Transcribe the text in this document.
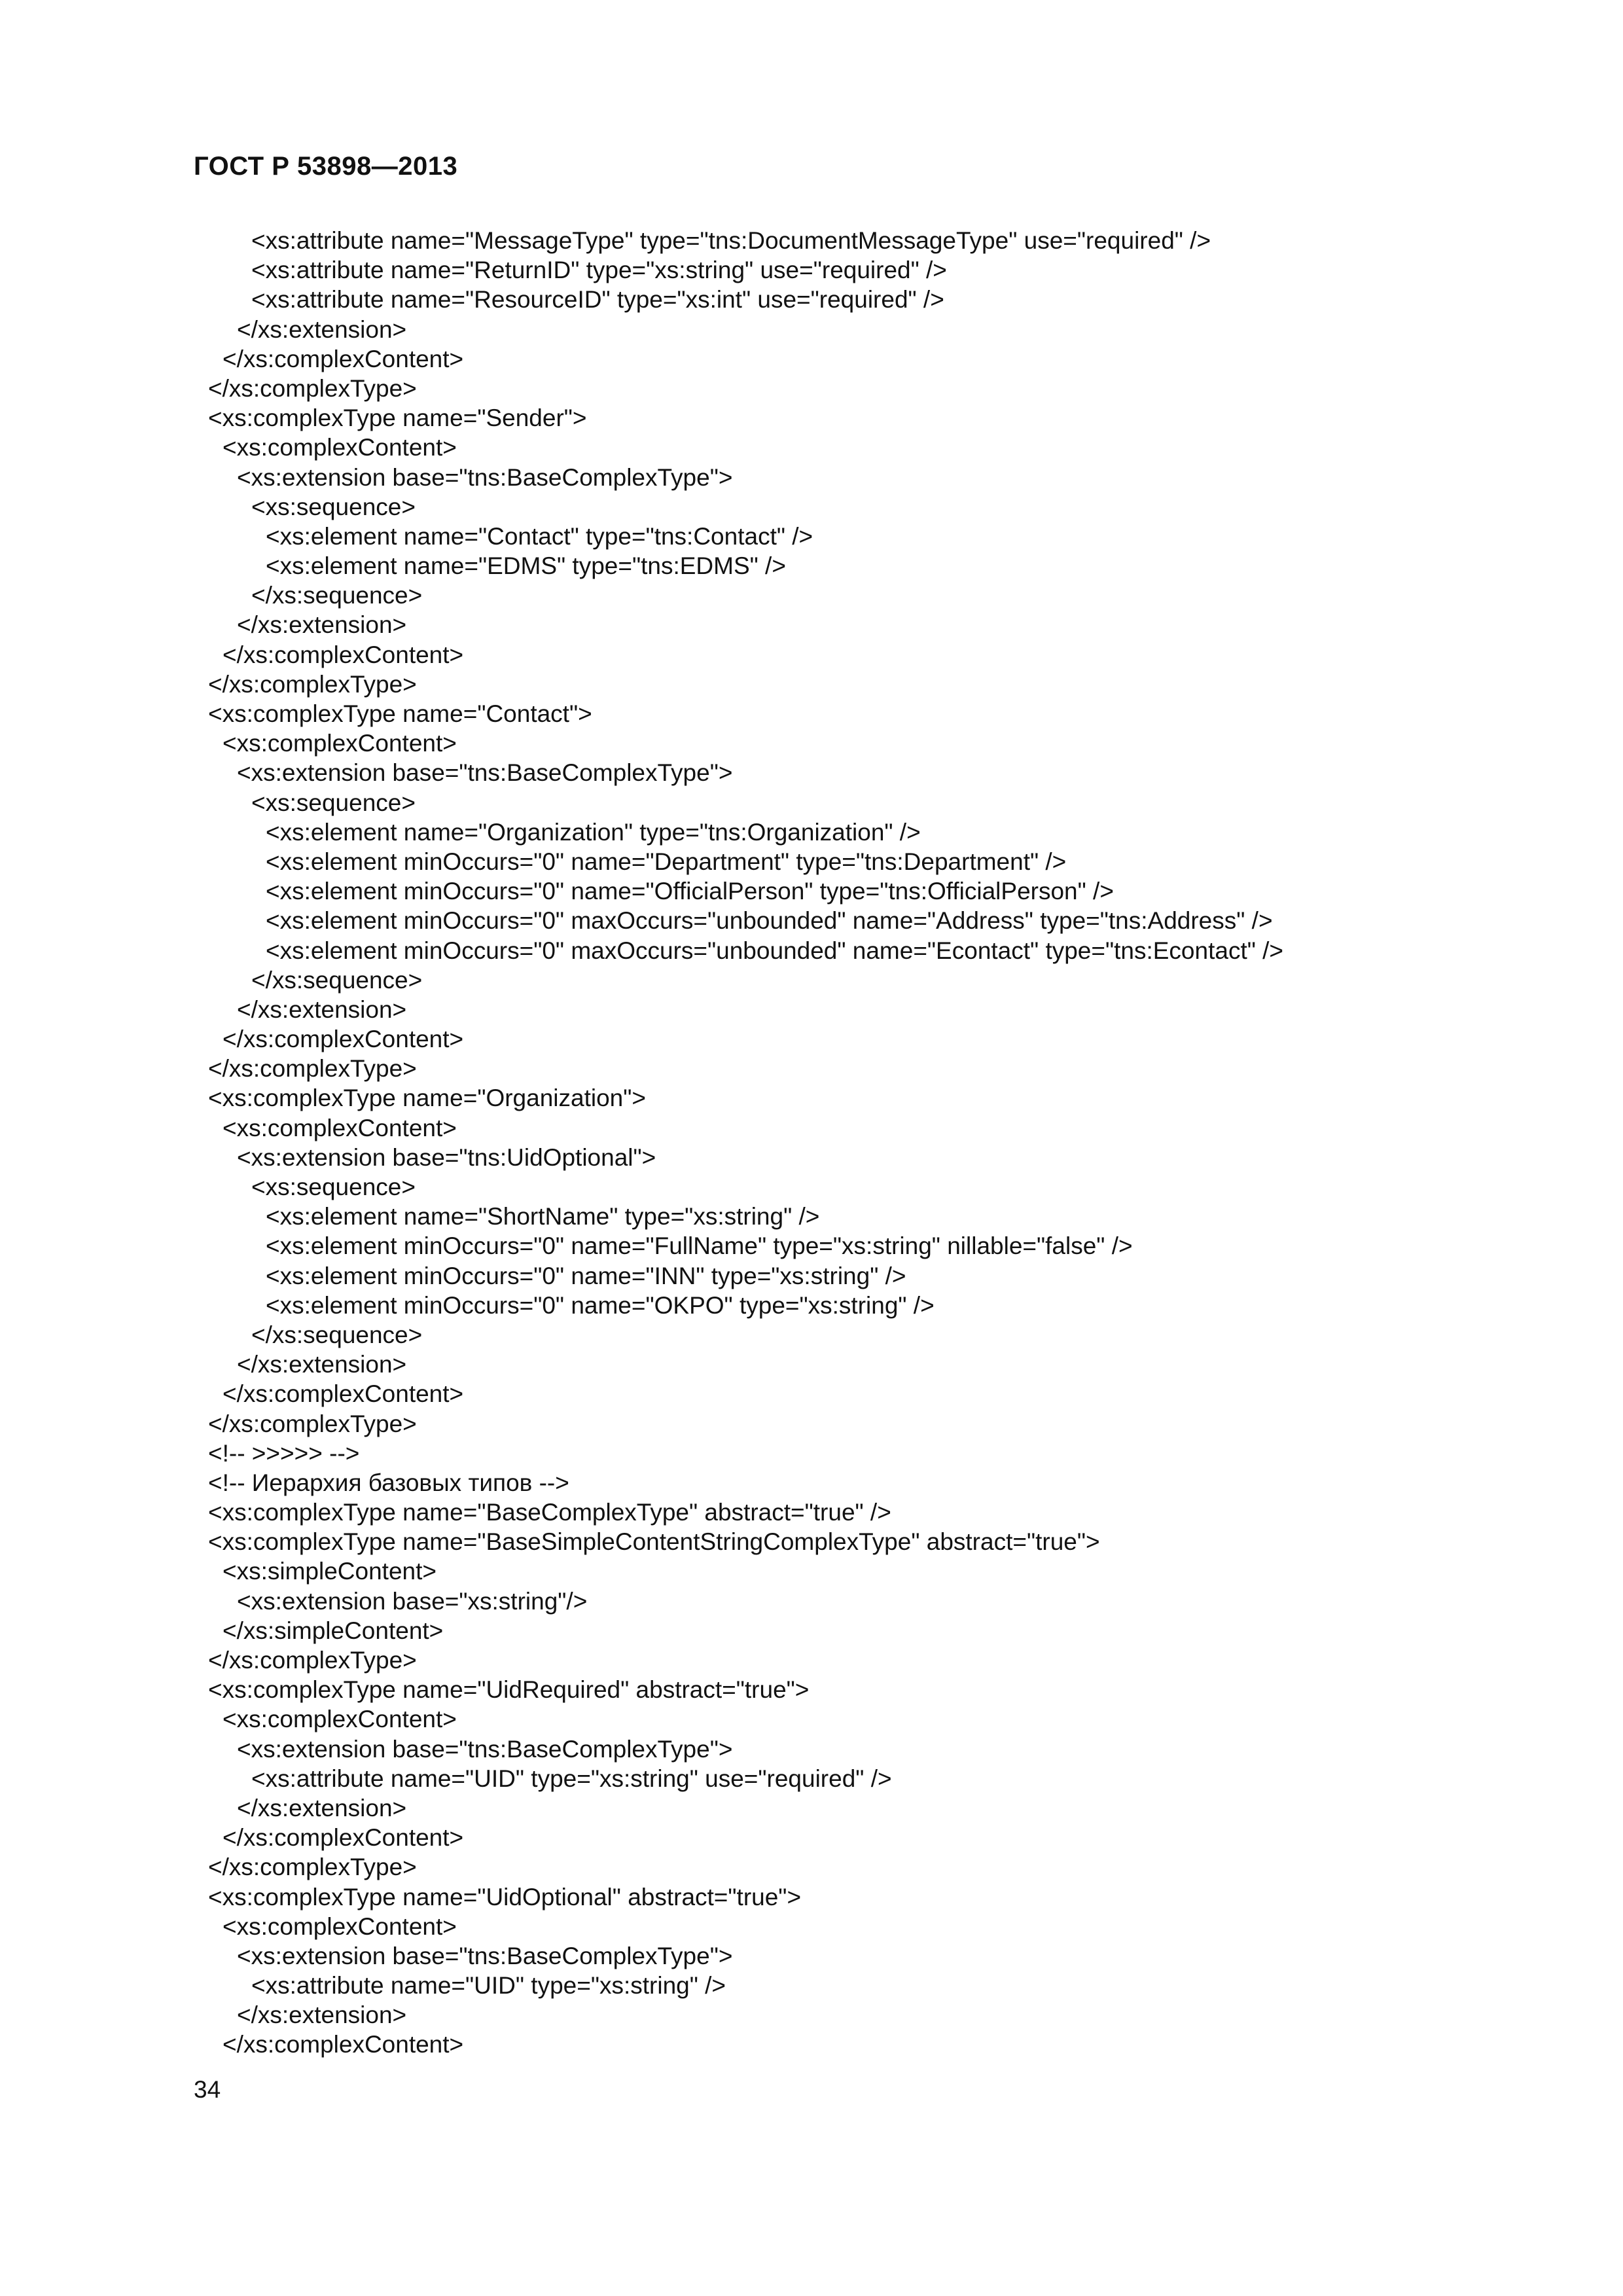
ГОСТ Р 53898—2013
<xs:attribute name="MessageType" type="tns:DocumentMessageType" use="required" />
<xs:attribute name="ReturnID" type="xs:string" use="required" />
<xs:attribute name="ResourceID" type="xs:int" use="required" />
</xs:extension>
</xs:complexContent>
</xs:complexType>
<xs:complexType name="Sender">
<xs:complexContent>
<xs:extension base="tns:BaseComplexType">
<xs:sequence>
<xs:element name="Contact" type="tns:Contact" />
<xs:element name="EDMS" type="tns:EDMS" />
</xs:sequence>
</xs:extension>
</xs:complexContent>
</xs:complexType>
<xs:complexType name="Contact">
<xs:complexContent>
<xs:extension base="tns:BaseComplexType">
<xs:sequence>
<xs:element name="Organization" type="tns:Organization" />
<xs:element minOccurs="0" name="Department" type="tns:Department" />
<xs:element minOccurs="0" name="OfficialPerson" type="tns:OfficialPerson" />
<xs:element minOccurs="0" maxOccurs="unbounded" name="Address" type="tns:Address" />
<xs:element minOccurs="0" maxOccurs="unbounded" name="Econtact" type="tns:Econtact" />
</xs:sequence>
</xs:extension>
</xs:complexContent>
</xs:complexType>
<xs:complexType name="Organization">
<xs:complexContent>
<xs:extension base="tns:UidOptional">
<xs:sequence>
<xs:element name="ShortName" type="xs:string" />
<xs:element minOccurs="0" name="FullName" type="xs:string" nillable="false" />
<xs:element minOccurs="0" name="INN" type="xs:string" />
<xs:element minOccurs="0" name="OKPO" type="xs:string" />
</xs:sequence>
</xs:extension>
</xs:complexContent>
</xs:complexType>
<!-- >>>>> -->
<!-- Иерархия базовых типов -->
<xs:complexType name="BaseComplexType" abstract="true" />
<xs:complexType name="BaseSimpleContentStringComplexType" abstract="true">
<xs:simpleContent>
<xs:extension base="xs:string"/>
</xs:simpleContent>
</xs:complexType>
<xs:complexType name="UidRequired" abstract="true">
<xs:complexContent>
<xs:extension base="tns:BaseComplexType">
<xs:attribute name="UID" type="xs:string" use="required" />
</xs:extension>
</xs:complexContent>
</xs:complexType>
<xs:complexType name="UidOptional" abstract="true">
<xs:complexContent>
<xs:extension base="tns:BaseComplexType">
<xs:attribute name="UID" type="xs:string" />
</xs:extension>
</xs:complexContent>
34
